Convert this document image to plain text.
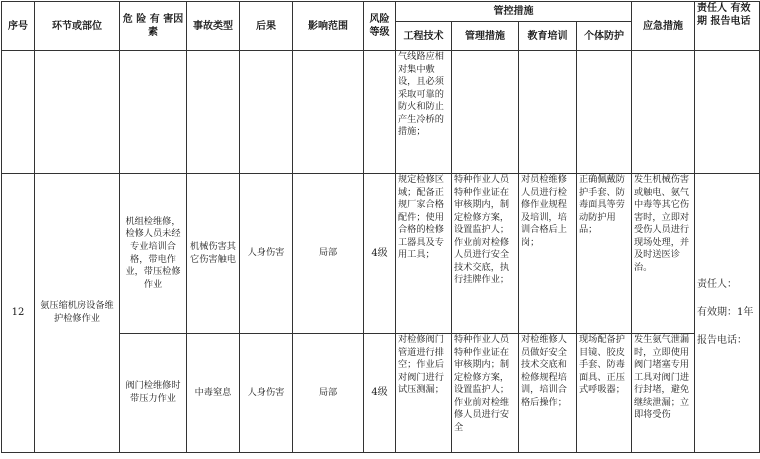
序号	环节或部位	危 险 有 害因素	事故类型	后果	影响范围	风险等级	管控措施				应急措施	责任人 有效期 报告电话
							工程技术	管理措施	教育培训	个体防护		

							气线路应相对集中敷设，且必须采取可靠的防火和防止产生冷桥的措施；					

12	氨压缩机房设备维护检修作业	机组检维修，检修人员未经专业培训合格，带电作业，带压检修作业	机械伤害其它伤害触电	人身伤害	局部	4级	规定检修区域；配备正规厂家合格配件；使用合格的检修工器具及专用工具；	特种作业人员特种作业证在审核期内，制定检修方案，设置监护人；作业前对检修人员进行安全技术交底，执行挂牌作业；	对员检维修人员进行检修作业规程及培训，培训合格后上岗；	正确佩戴防护手套、防毒面具等劳动防护用品；	发生机械伤害或触电、氨气中毒等其它伤害时，立即对受伤人员进行现场处理，并及时送医诊治。	责任人：
有效期：1年
报告电话：

		阀门检维修时带压力作业	中毒窒息	人身伤害	局部	4级	对检修阀门管道进行排空；作业后对阀门进行试压测漏；	特种作业人员特种作业证在审核期内；制定检修方案，设置监护人；作业前对检维修人员进行安全	对检维修人员做好安全技术交底和检修规程培训，培训合格后操作；	现场配备护目镜、胶皮手套、防毒面具、正压式呼吸器；	发生氨气泄漏时，立即使用阀门堵塞专用工具对阀门进行封堵，避免继续泄漏；立即将受伤	
